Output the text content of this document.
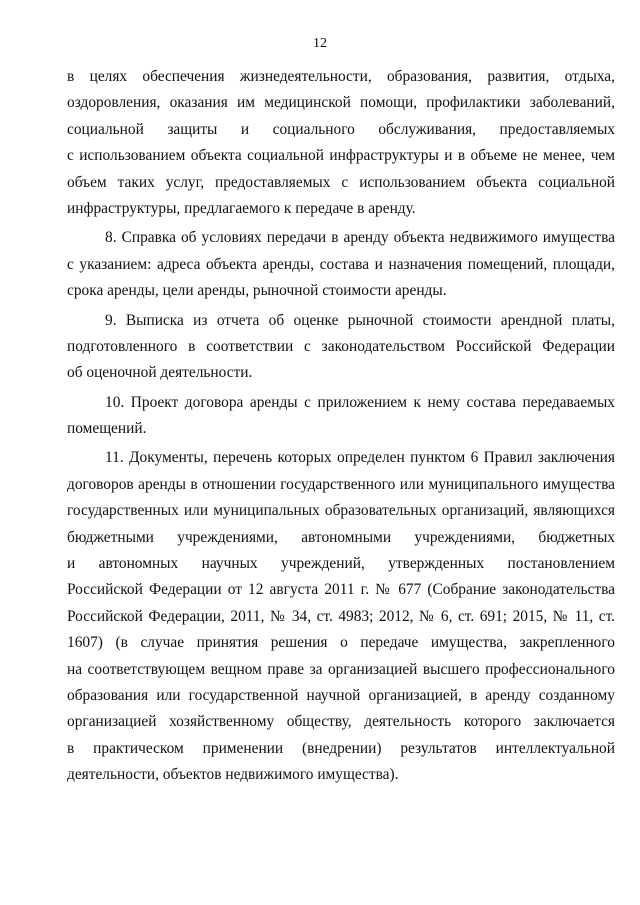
12
в целях обеспечения жизнедеятельности, образования, развития, отдыха,
оздоровления, оказания им медицинской помощи, профилактики заболеваний,
социальной защиты и социального обслуживания, предоставляемых
с использованием объекта социальной инфраструктуры и в объеме не менее, чем
объем таких услуг, предоставляемых с использованием объекта социальной
инфраструктуры, предлагаемого к передаче в аренду.
8. Справка об условиях передачи в аренду объекта недвижимого имущества
с указанием: адреса объекта аренды, состава и назначения помещений, площади,
срока аренды, цели аренды, рыночной стоимости аренды.
9. Выписка из отчета об оценке рыночной стоимости арендной платы,
подготовленного в соответствии с законодательством Российской Федерации
об оценочной деятельности.
10. Проект договора аренды с приложением к нему состава передаваемых
помещений.
11. Документы, перечень которых определен пунктом 6 Правил заключения
договоров аренды в отношении государственного или муниципального имущества
государственных или муниципальных образовательных организаций, являющихся
бюджетными учреждениями, автономными учреждениями, бюджетных
и автономных научных учреждений, утвержденных постановлением
Российской Федерации от 12 августа 2011 г. № 677 (Собрание законодательства
Российской Федерации, 2011, № 34, ст. 4983; 2012, № 6, ст. 691; 2015, № 11, ст.
1607) (в случае принятия решения о передаче имущества, закрепленного
на соответствующем вещном праве за организацией высшего профессионального
образования или государственной научной организацией, в аренду созданному
организацией хозяйственному обществу, деятельность которого заключается
в практическом применении (внедрении) результатов интеллектуальной
деятельности, объектов недвижимого имущества).
